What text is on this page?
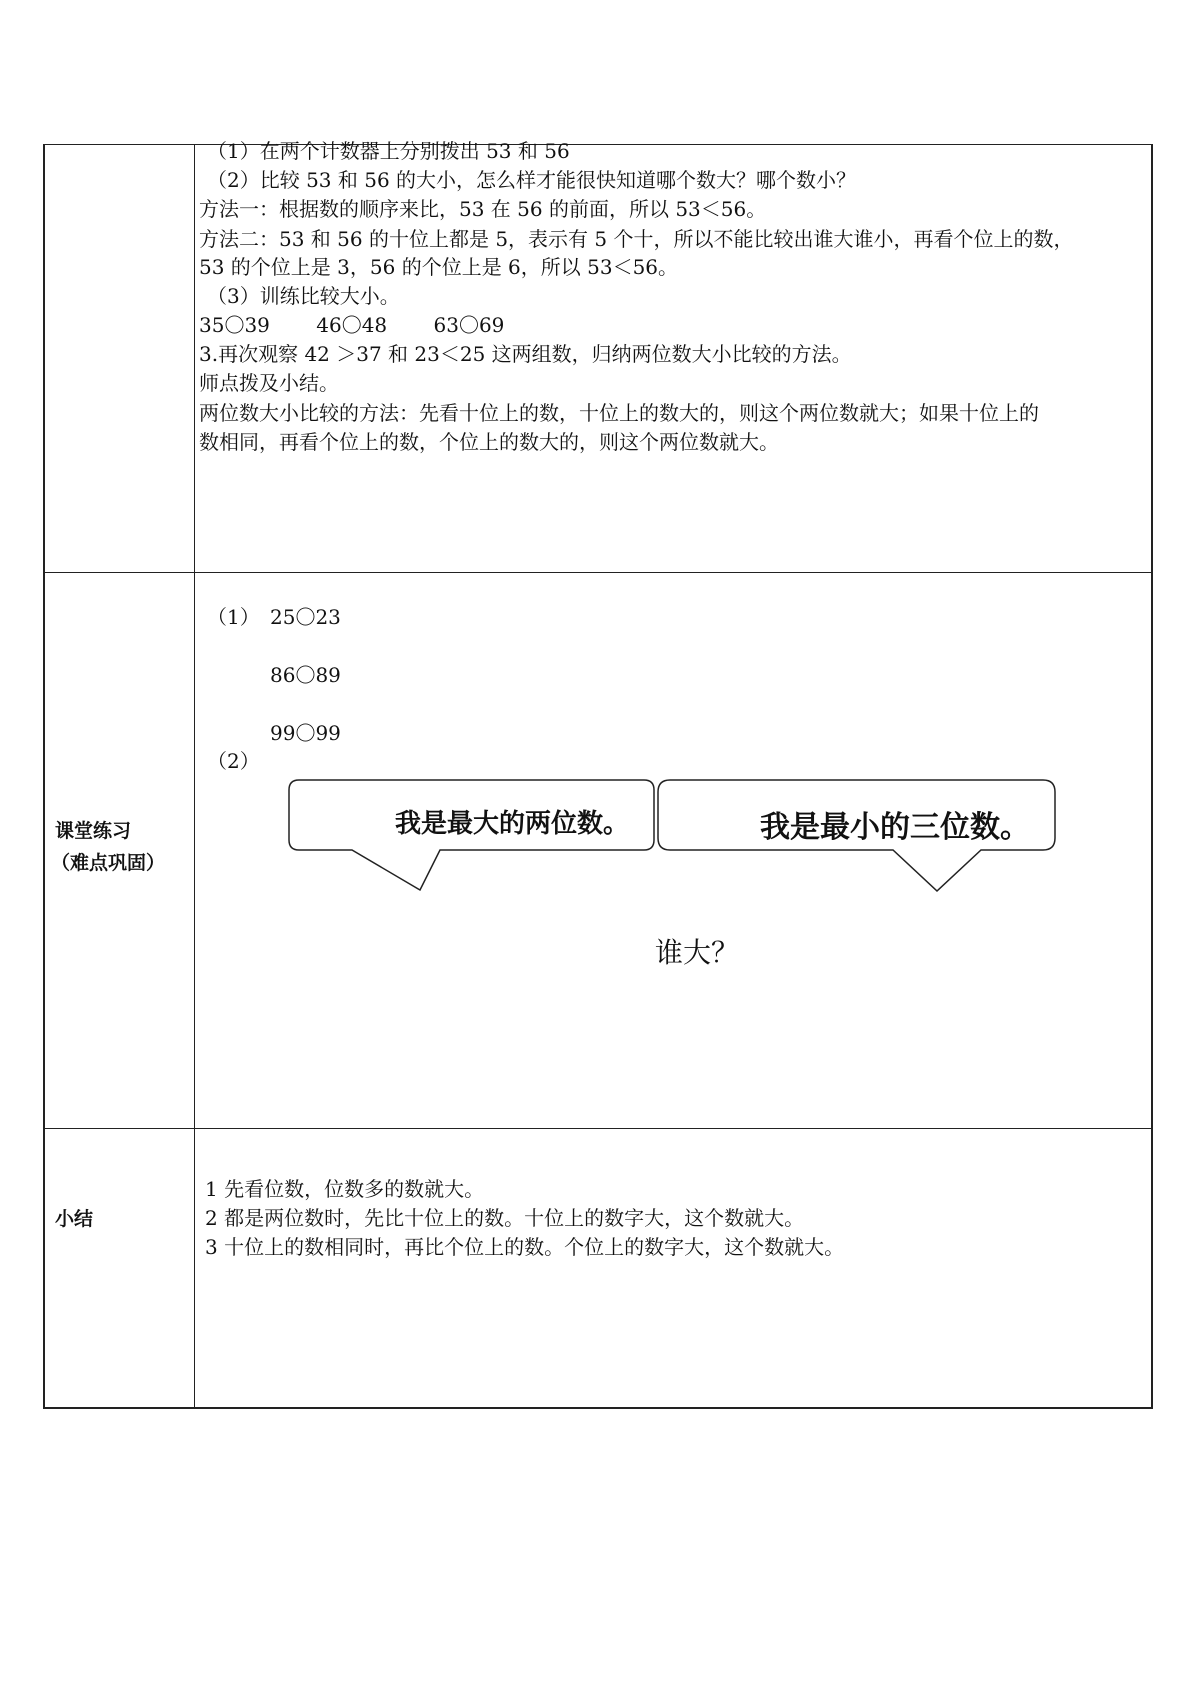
（1）在两个计数器上分别拨出 53 和 56
（2）比较 53 和 56 的大小，怎么样才能很快知道哪个数大？哪个数小？
方法一：根据数的顺序来比，53 在 56 的前面，所以 53＜56。
方法二：53 和 56 的十位上都是 5，表示有 5 个十，所以不能比较出谁大谁小，再看个位上的数，
53 的个位上是 3，56 的个位上是 6，所以 53＜56。
（3）训练比较大小。
35〇39　　 46〇48　　 63〇69
3.再次观察 42 ＞37 和 23＜25 这两组数，归纳两位数大小比较的方法。
师点拨及小结。
两位数大小比较的方法：先看十位上的数，十位上的数大的，则这个两位数就大；如果十位上的
数相同，再看个位上的数，个位上的数大的，则这个两位数就大。
课堂练习
（难点巩固）
（1） 25〇23
86〇89
99〇99
（2）
我是最大的两位数。	我是最小的三位数。
谁大？
小结
1 先看位数，位数多的数就大。
2 都是两位数时，先比十位上的数。十位上的数字大，这个数就大。
3 十位上的数相同时，再比个位上的数。个位上的数字大，这个数就大。
